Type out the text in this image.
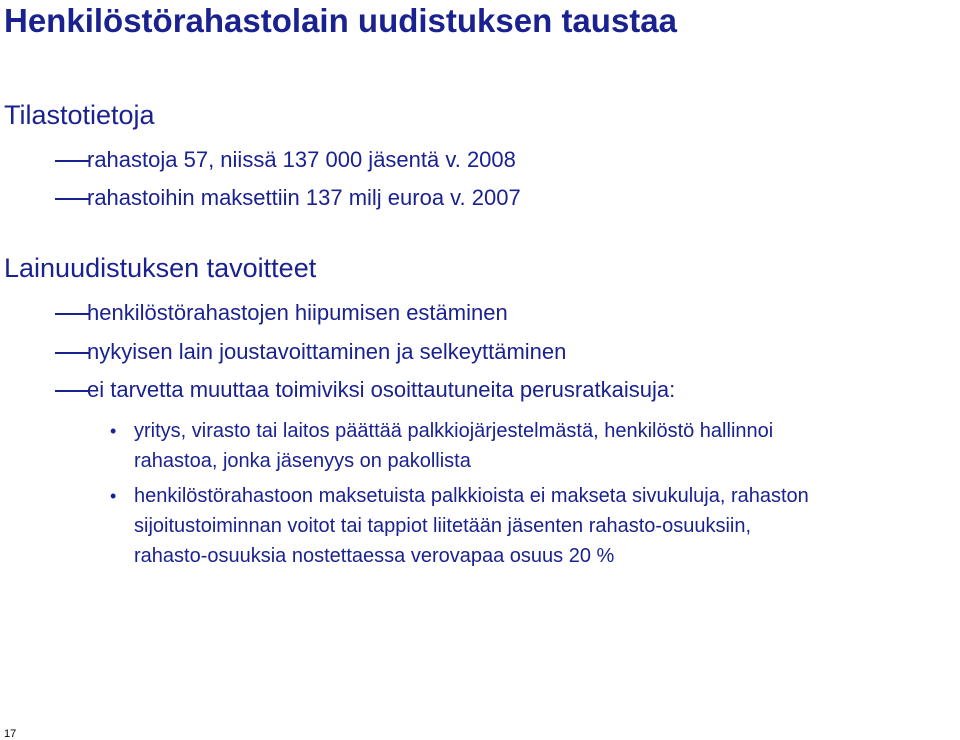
Henkilöstörahastolain uudistuksen taustaa
Tilastotietoja
rahastoja 57, niissä 137 000 jäsentä v. 2008
rahastoihin maksettiin 137 milj euroa v. 2007
Lainuudistuksen tavoitteet
henkilöstörahastojen hiipumisen estäminen
nykyisen lain joustavoittaminen ja selkeyttäminen
ei tarvetta muuttaa toimiviksi osoittautuneita perusratkaisuja:
• yritys, virasto tai laitos päättää palkkiojärjestelmästä, henkilöstö hallinnoi
rahastoa, jonka jäsenyys on pakollista
• henkilöstörahastoon maksetuista palkkioista ei makseta sivukuluja, rahaston
sijoitustoiminnan voitot tai tappiot liitetään jäsenten rahasto-osuuksiin,
rahasto-osuuksia nostettaessa verovapaa osuus 20 %
17
